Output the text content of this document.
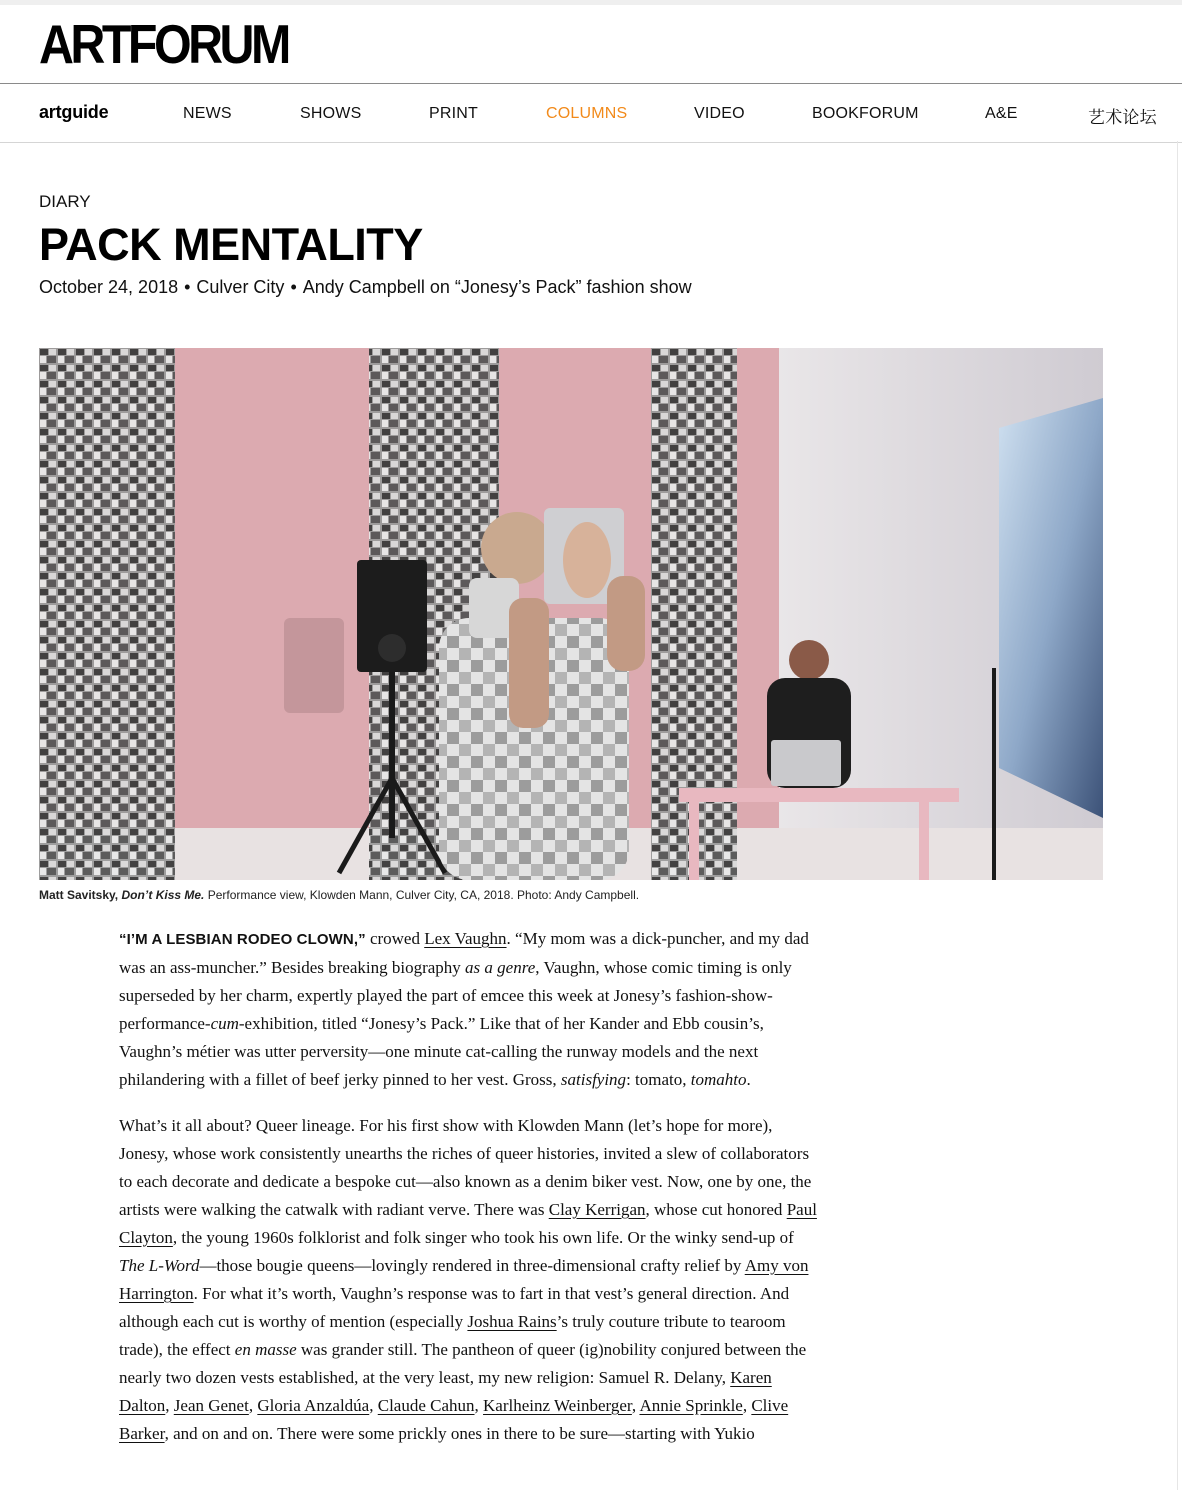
ARTFORUM
artguide	NEWS	SHOWS	PRINT	COLUMNS	VIDEO	BOOKFORUM	A&E	艺术论坛
DIARY
PACK MENTALITY
October 24, 2018 • Culver City • Andy Campbell on “Jonesy’s Pack” fashion show
Matt Savitsky, Don’t Kiss Me. Performance view, Klowden Mann, Culver City, CA, 2018. Photo: Andy Campbell.

“I’M A LESBIAN RODEO CLOWN,” crowed Lex Vaughn. “My mom was a dick-puncher, and my dad was an ass-muncher.” Besides breaking biography as a genre, Vaughn, whose comic timing is only superseded by her charm, expertly played the part of emcee this week at Jonesy’s fashion-show-performance-cum-exhibition, titled “Jonesy’s Pack.” Like that of her Kander and Ebb cousin’s, Vaughn’s métier was utter perversity—one minute cat-calling the runway models and the next philandering with a fillet of beef jerky pinned to her vest. Gross, satisfying: tomato, tomahto.

What’s it all about? Queer lineage. For his first show with Klowden Mann (let’s hope for more), Jonesy, whose work consistently unearths the riches of queer histories, invited a slew of collaborators to each decorate and dedicate a bespoke cut—also known as a denim biker vest. Now, one by one, the artists were walking the catwalk with radiant verve. There was Clay Kerrigan, whose cut honored Paul Clayton, the young 1960s folklorist and folk singer who took his own life. Or the winky send-up of The L-Word—those bougie queens—lovingly rendered in three-dimensional crafty relief by Amy von Harrington. For what it’s worth, Vaughn’s response was to fart in that vest’s general direction. And although each cut is worthy of mention (especially Joshua Rains’s truly couture tribute to tearoom trade), the effect en masse was grander still. The pantheon of queer (ig)nobility conjured between the nearly two dozen vests established, at the very least, my new religion: Samuel R. Delany, Karen Dalton, Jean Genet, Gloria Anzaldúa, Claude Cahun, Karlheinz Weinberger, Annie Sprinkle, Clive Barker, and on and on. There were some prickly ones in there to be sure—starting with Yukio
